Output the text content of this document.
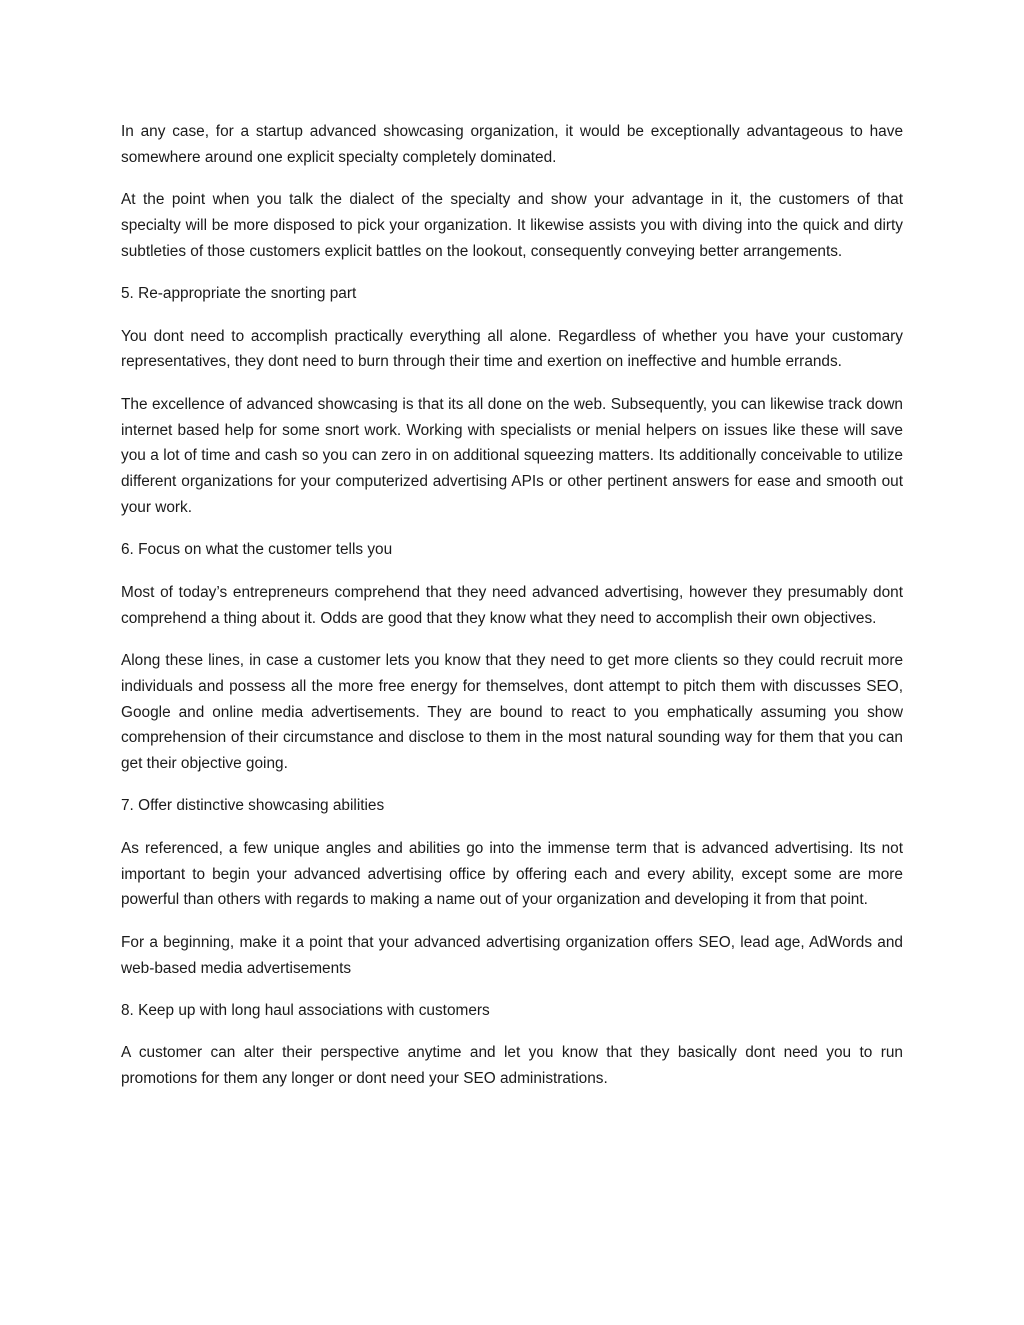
In any case, for a startup advanced showcasing organization, it would be exceptionally advantageous to have somewhere around one explicit specialty completely dominated.

At the point when you talk the dialect of the specialty and show your advantage in it, the customers of that specialty will be more disposed to pick your organization. It likewise assists you with diving into the quick and dirty subtleties of those customers explicit battles on the lookout, consequently conveying better arrangements.

5. Re-appropriate the snorting part

You dont need to accomplish practically everything all alone. Regardless of whether you have your customary representatives, they dont need to burn through their time and exertion on ineffective and humble errands.

The excellence of advanced showcasing is that its all done on the web. Subsequently, you can likewise track down internet based help for some snort work. Working with specialists or menial helpers on issues like these will save you a lot of time and cash so you can zero in on additional squeezing matters. Its additionally conceivable to utilize different organizations for your computerized advertising APIs or other pertinent answers for ease and smooth out your work.

6. Focus on what the customer tells you

Most of today’s entrepreneurs comprehend that they need advanced advertising, however they presumably dont comprehend a thing about it. Odds are good that they know what they need to accomplish their own objectives.

Along these lines, in case a customer lets you know that they need to get more clients so they could recruit more individuals and possess all the more free energy for themselves, dont attempt to pitch them with discusses SEO, Google and online media advertisements. They are bound to react to you emphatically assuming you show comprehension of their circumstance and disclose to them in the most natural sounding way for them that you can get their objective going.

7. Offer distinctive showcasing abilities

As referenced, a few unique angles and abilities go into the immense term that is advanced advertising. Its not important to begin your advanced advertising office by offering each and every ability, except some are more powerful than others with regards to making a name out of your organization and developing it from that point.

For a beginning, make it a point that your advanced advertising organization offers SEO, lead age, AdWords and web-based media advertisements

8. Keep up with long haul associations with customers

A customer can alter their perspective anytime and let you know that they basically dont need you to run promotions for them any longer or dont need your SEO administrations.
